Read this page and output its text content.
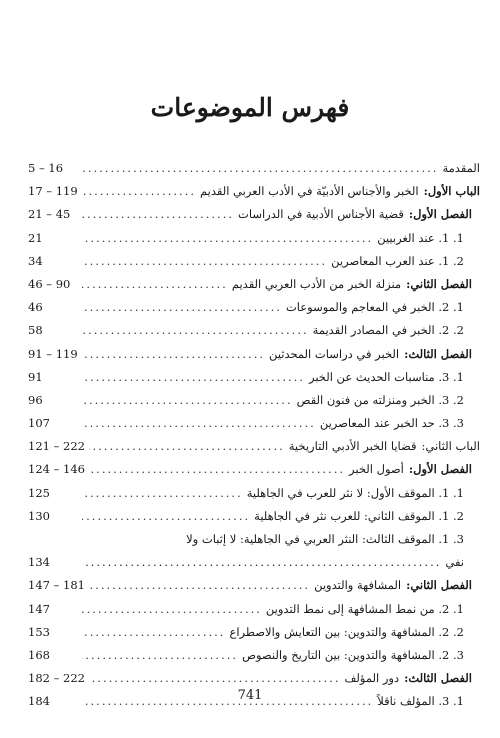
فهرس الموضوعات
المقدمة
.....
5 – 16
الباب الأول:
الخبر والأجناس الأدبيّة في الأدب العربي القديم
.....
17 – 119
الفصل الأول:
قضية الأجناس الأدبية في الدراسات
.....
21 – 45
1. 1. عند الغربيين
.....
21
2. 1. عند العرب المعاصرين
.....
34
الفصل الثاني:
منزلة الخبر من الأدب العربي القديم
.....
46 – 90
1. 2. الخبر في المعاجم والموسوعات
.....
46
2. 2. الخبر في المصادر القديمة
.....
58
الفصل الثالث:
الخبر في دراسات المحدثين
.....
91 – 119
1. 3. مناسبات الحديث عن الخبر
.....
91
2. 3. الخبر ومنزلته من فنون القص
.....
96
3. 3. حد الخبر عند المعاصرين
.....
107
الباب الثاني:
قضايا الخبر الأدبي التاريخية
.....
121 – 222
الفصل الأول:
أصول الخبر
.....
124 – 146
1. 1. الموقف الأول: لا نثر للعرب في الجاهلية
.....
125
2. 1. الموقف الثاني: للعرب نثر في الجاهلية
.....
130
3. 1. الموقف الثالث: النثر العربي في الجاهلية: لا إثبات ولا
نفي
.....
134
الفصل الثاني:
المشافهة والتدوين
.....
147 – 181
1. 2. من نمط المشافهة إلى نمط التدوين
.....
147
2. 2. المشافهة والتدوين: بين التعايش والاصطراع
.....
153
3. 2. المشافهة والتدوين: بين التاريخ والنصوص
.....
168
الفصل الثالث:
دور المؤلف
.....
182 – 222
1. 3. المؤلف ناقلاً
.....
184	741
